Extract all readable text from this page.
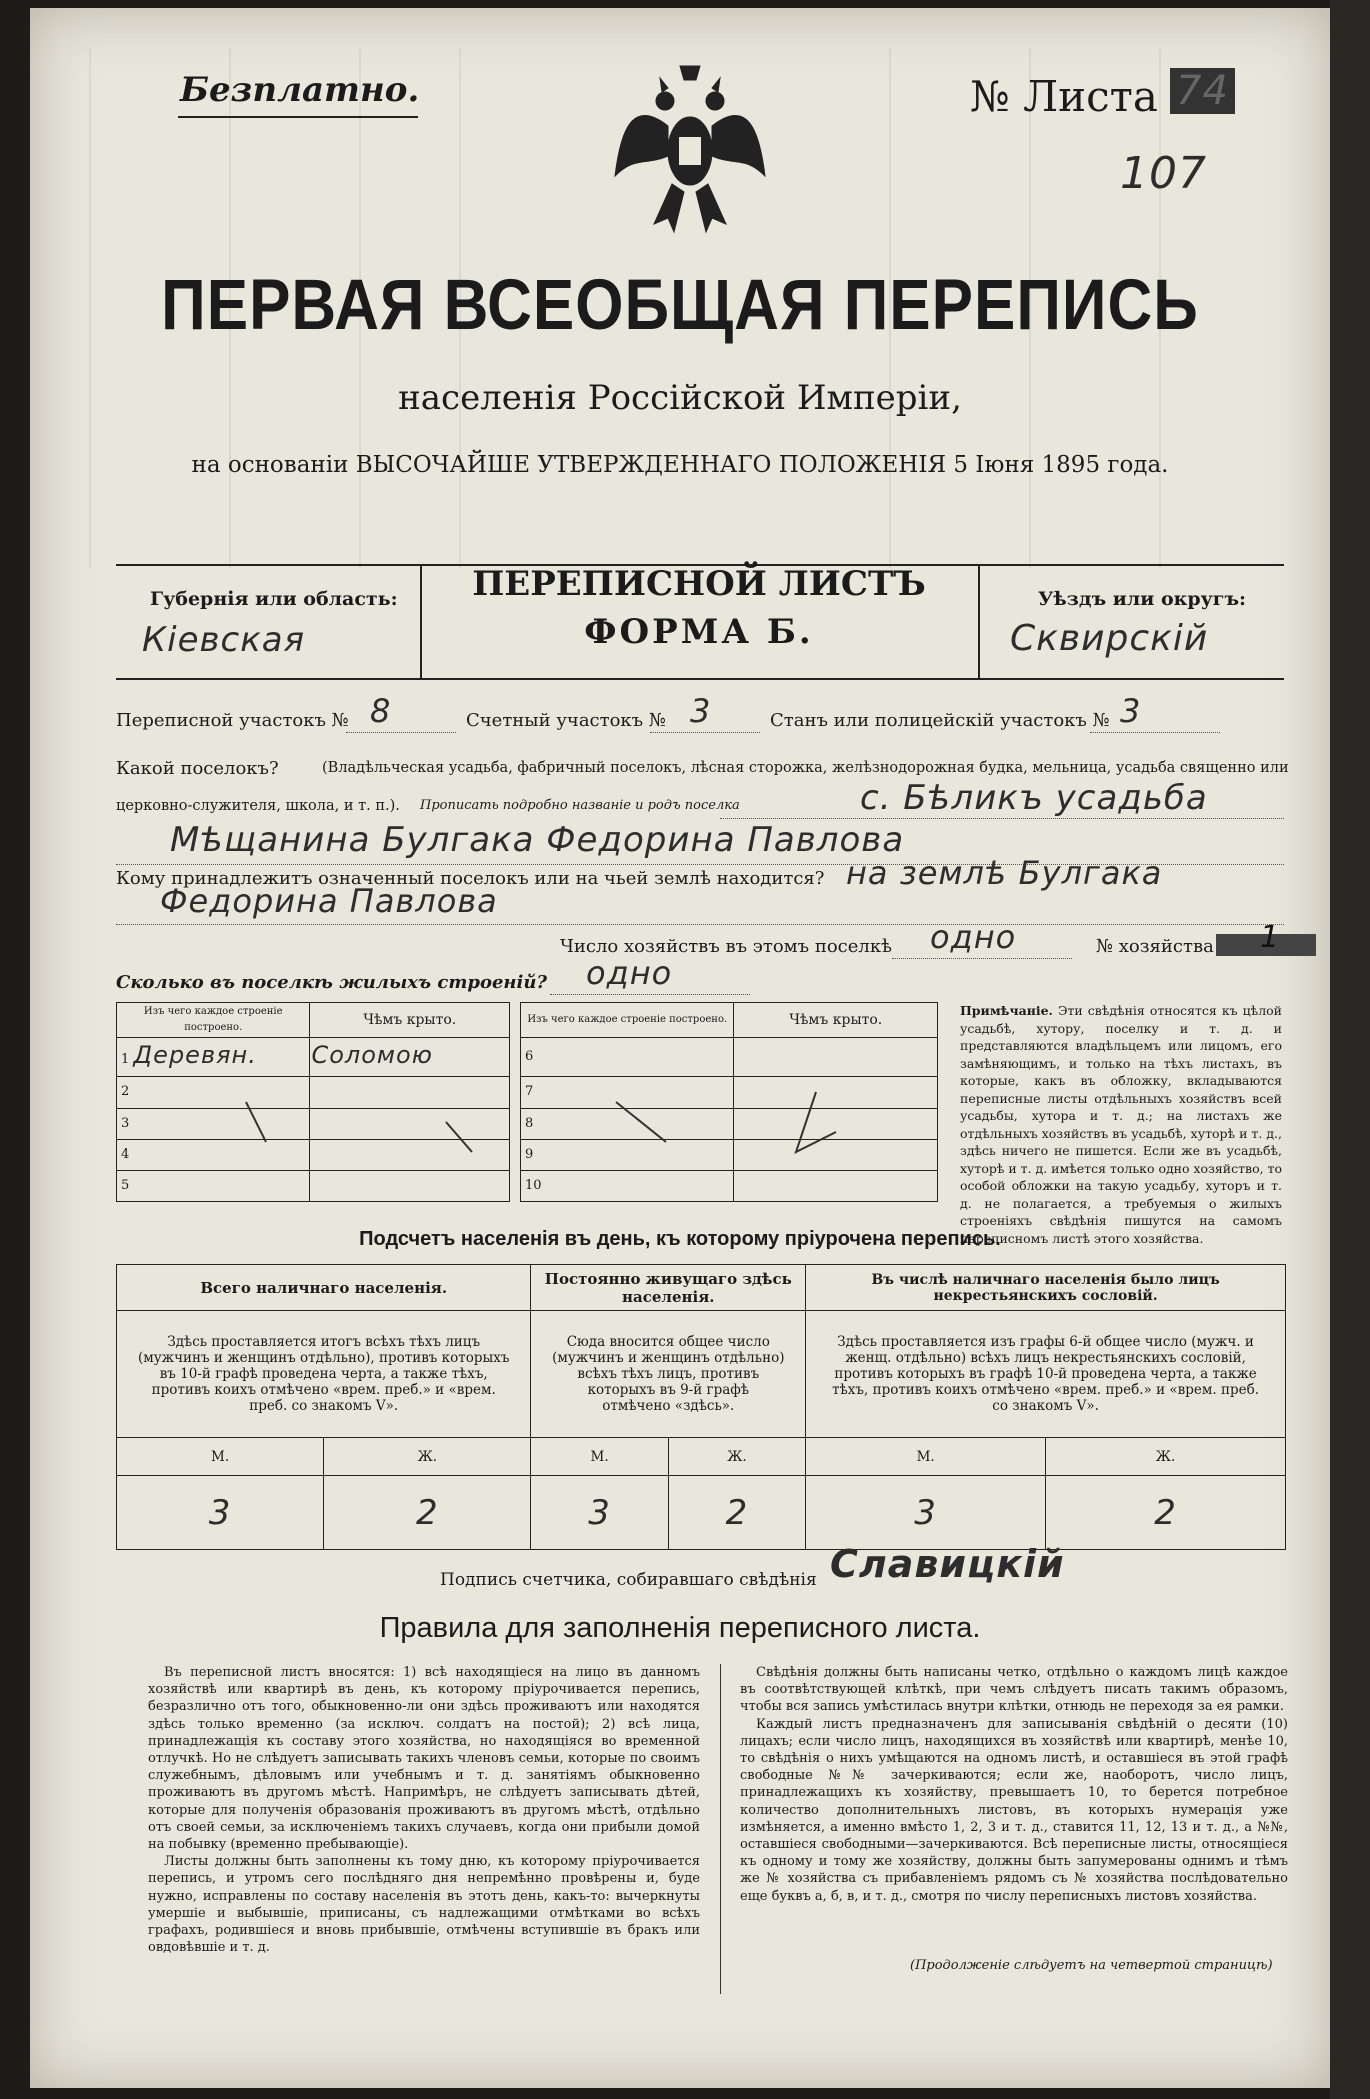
Безплатно.	№ Листа 74
107
ПЕРВАЯ ВСЕОБЩАЯ ПЕРЕПИСЬ
населенія Россійской Имперіи,
на основаніи ВЫСОЧАЙШЕ УТВЕРЖДЕННАГО ПОЛОЖЕНІЯ 5 Іюня 1895 года.
Губернія или область:
Кіевская
ПЕРЕПИСНОЙ ЛИСТЪ
ФОРМА Б.
Уѣздъ или округъ:
Сквирскій
Переписной участокъ № 8	Счетный участокъ № 3	Станъ или полицейскій участокъ № 3
Какой поселокъ?	(Владѣльческая усадьба, фабричный поселокъ, лѣсная сторожка, желѣзнодорожная будка, мельница, усадьба священно или
церковно-служителя, школа, и т. п.). Прописать подробно названіе и родъ поселка	с. Бѣликъ усадьба
Мѣщанина Булгака Федорина Павлова
Кому принадлежитъ означенный поселокъ или на чьей землѣ находится? на землѣ Булгака
Федорина Павлова
Число хозяйствъ въ этомъ поселкѣ одно	№ хозяйства 1
Сколько въ поселкѣ жилыхъ строеній? одно
Изъ чего каждое строеніе построено.	Чѣмъ крыто.		Изъ чего каждое строеніе построено.	Чѣмъ крыто.
1 Деревян.	Соломою		6	
2			7	
3			8	
4			9	
5			10	
Примѣчаніе. Эти свѣдѣнія относятся къ цѣлой усадьбѣ, хутору, поселку и т. д. и представляются владѣльцемъ или лицомъ, его замѣняющимъ, и только на тѣхъ листахъ, въ которые, какъ въ обложку, вкладываются переписные листы отдѣльныхъ хозяйствъ всей усадьбы, хутора и т. д.; на листахъ же отдѣльныхъ хозяйствъ въ усадьбѣ, хуторѣ и т. д., здѣсь ничего не пишется. Если же въ усадьбѣ, хуторѣ и т. д. имѣется только одно хозяйство, то особой обложки на такую усадьбу, хуторъ и т. д. не полагается, а требуемыя о жилыхъ строеніяхъ свѣдѣнія пишутся на самомъ переписномъ листѣ этого хозяйства.
Подсчетъ населенія въ день, къ которому пріурочена перепись.
Всего наличнаго населенія.		Постоянно живущаго здѣсь населенія.		Въ числѣ наличнаго населенія было лицъ некрестьянскихъ сословій.	
Здѣсь проставляется итогъ всѣхъ тѣхъ лицъ (мужчинъ и женщинъ отдѣльно), противъ которыхъ въ 10-й графѣ проведена черта, а также тѣхъ, противъ коихъ отмѣчено «врем. преб.» и «врем. преб. со знакомъ V».		Сюда вносится общее число (мужчинъ и женщинъ отдѣльно) всѣхъ тѣхъ лицъ, противъ которыхъ въ 9-й графѣ отмѣчено «здѣсь».		Здѣсь проставляется изъ графы 6-й общее число (мужч. и женщ. отдѣльно) всѣхъ лицъ некрестьянскихъ сословій, противъ которыхъ въ графѣ 10-й проведена черта, а также тѣхъ, противъ коихъ отмѣчено «врем. преб.» и «врем. преб. со знакомъ V».	
М.	Ж.	М.	Ж.	М.	Ж.
3	2	3	2	3	2
Подпись счетчика, собиравшаго свѣдѣнія Славицкій
Правила для заполненія переписного листа.
Въ переписной листъ вносятся: 1) всѣ находящіеся на лицо въ данномъ хозяйствѣ или квартирѣ въ день, къ которому пріурочивается перепись, безразлично отъ того, обыкновенно-ли они здѣсь проживаютъ или находятся здѣсь только временно (за исключ. солдатъ на постой); 2) всѣ лица, принадлежащія къ составу этого хозяйства, но находящіяся во временной отлучкѣ. Но не слѣдуетъ записывать такихъ членовъ семьи, которые по своимъ служебнымъ, дѣловымъ или учебнымъ и т. д. занятіямъ обыкновенно проживаютъ въ другомъ мѣстѣ. Напримѣръ, не слѣдуетъ записывать дѣтей, которые для полученія образованія проживаютъ въ другомъ мѣстѣ, отдѣльно отъ своей семьи, за исключеніемъ такихъ случаевъ, когда они прибыли домой на побывку (временно пребывающіе).
Листы должны быть заполнены къ тому дню, къ которому пріурочивается перепись, и утромъ сего послѣдняго дня непремѣнно провѣрены и, буде нужно, исправлены по составу населенія въ этотъ день, какъ-то: вычеркнуты умершіе и выбывшіе, приписаны, съ надлежащими отмѣтками во всѣхъ графахъ, родившіеся и вновь прибывшіе, отмѣчены вступившіе въ бракъ или овдовѣвшіе и т. д.
Свѣдѣнія должны быть написаны четко, отдѣльно о каждомъ лицѣ каждое въ соотвѣтствующей клѣткѣ, при чемъ слѣдуетъ писать такимъ образомъ, чтобы вся запись умѣстилась внутри клѣтки, отнюдь не переходя за ея рамки.
Каждый листъ предназначенъ для записыванія свѣдѣній о десяти (10) лицахъ; если число лицъ, находящихся въ хозяйствѣ или квартирѣ, менѣе 10, то свѣдѣнія о нихъ умѣщаются на одномъ листѣ, и оставшіеся въ этой графѣ свободные №№ зачеркиваются; если же, наоборотъ, число лицъ, принадлежащихъ къ хозяйству, превышаетъ 10, то берется потребное количество дополнительныхъ листовъ, въ которыхъ нумерація уже измѣняется, а именно вмѣсто 1, 2, 3 и т. д., ставится 11, 12, 13 и т. д., а №№, оставшіеся свободными—зачеркиваются. Всѣ переписные листы, относящіеся къ одному и тому же хозяйству, должны быть запумерованы однимъ и тѣмъ же № хозяйства съ прибавленіемъ рядомъ съ № хозяйства послѣдовательно еще буквъ а, б, в, и т. д., смотря по числу переписныхъ листовъ хозяйства.
(Продолженіе слѣдуетъ на четвертой страницѣ)
